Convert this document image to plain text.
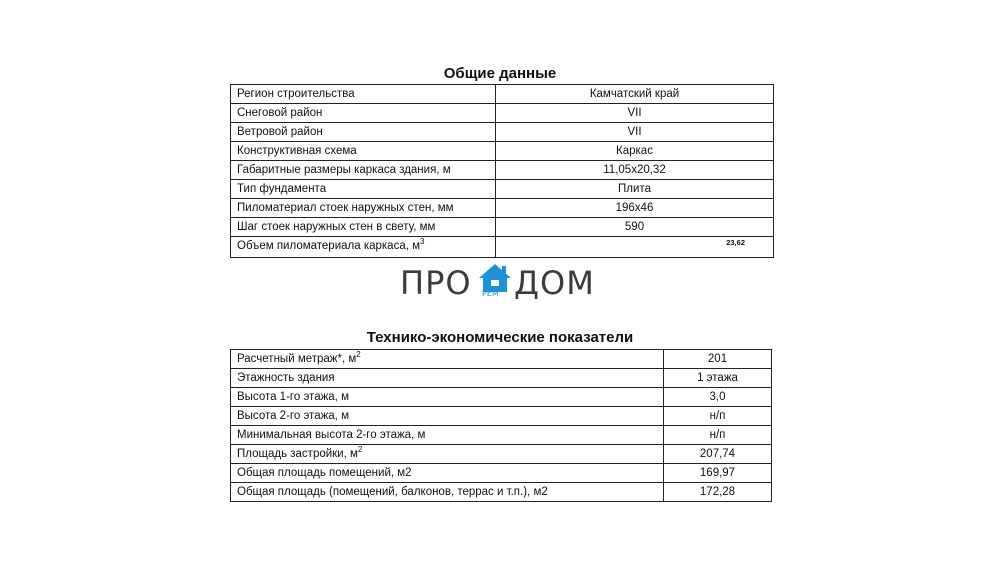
Общие данные
Регион строительства	Камчатский край
Снеговой район	VII
Ветровой район	VII
Конструктивная схема	Каркас
Габаритные размеры каркаса здания, м	11,05х20,32
Тип фундамента	Плита
Пиломатериал стоек наружных стен, мм	196х46
Шаг стоек наружных стен в свету, мм	590
Объем пиломатериала каркаса, $м^3$	23,62
ПРО РЕМ ДОМ
Технико-экономические показатели
Расчетный метраж*, $м^2$	201
Этажность здания	1 этажа
Высота 1-го этажа, м	3,0
Высота 2-го этажа, м	н/п
Минимальная высота 2-го этажа, м	н/п
Площадь застройки, $м^2$	207,74
Общая площадь помещений, м2	169,97
Общая площадь (помещений, балконов, террас и т.п.), м2	172,28
